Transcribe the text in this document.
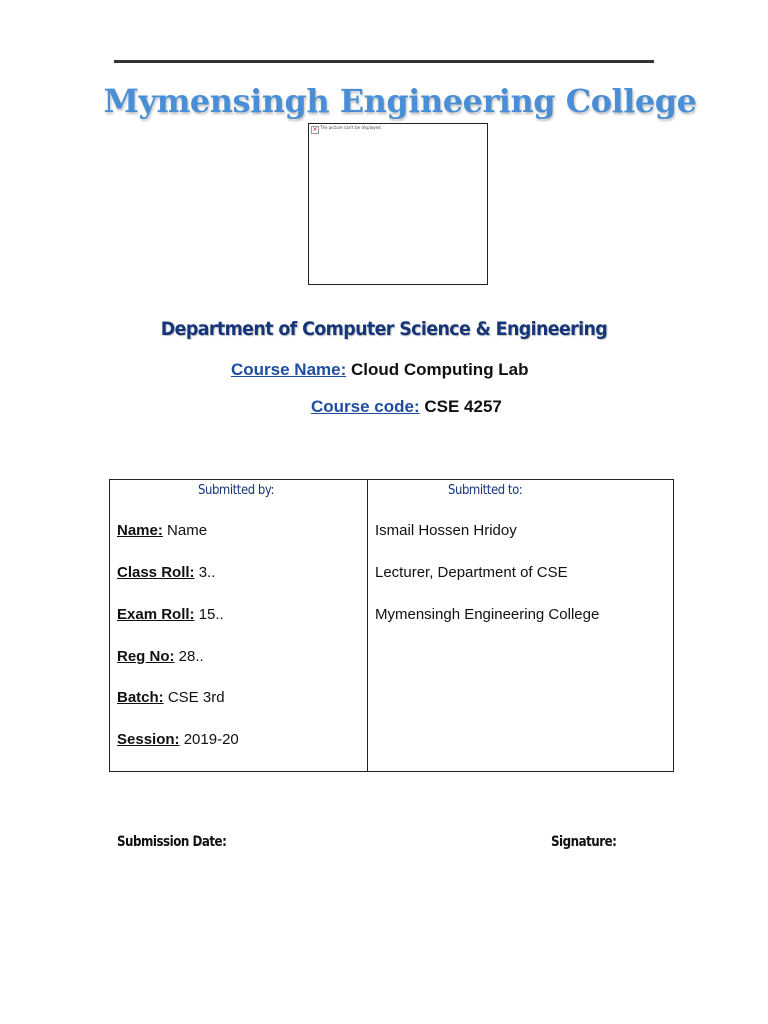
Mymensingh Engineering College
× The picture can't be displayed.
Department of Computer Science & Engineering
Course Name: Cloud Computing Lab
Course code: CSE 4257
Submitted by:
Name: Name
Class Roll: 3..
Exam Roll: 15..
Reg No: 28..
Batch: CSE 3rd
Session: 2019-20
Submitted to:
Ismail Hossen Hridoy
Lecturer, Department of CSE
Mymensingh Engineering College
Submission Date:	Signature:
